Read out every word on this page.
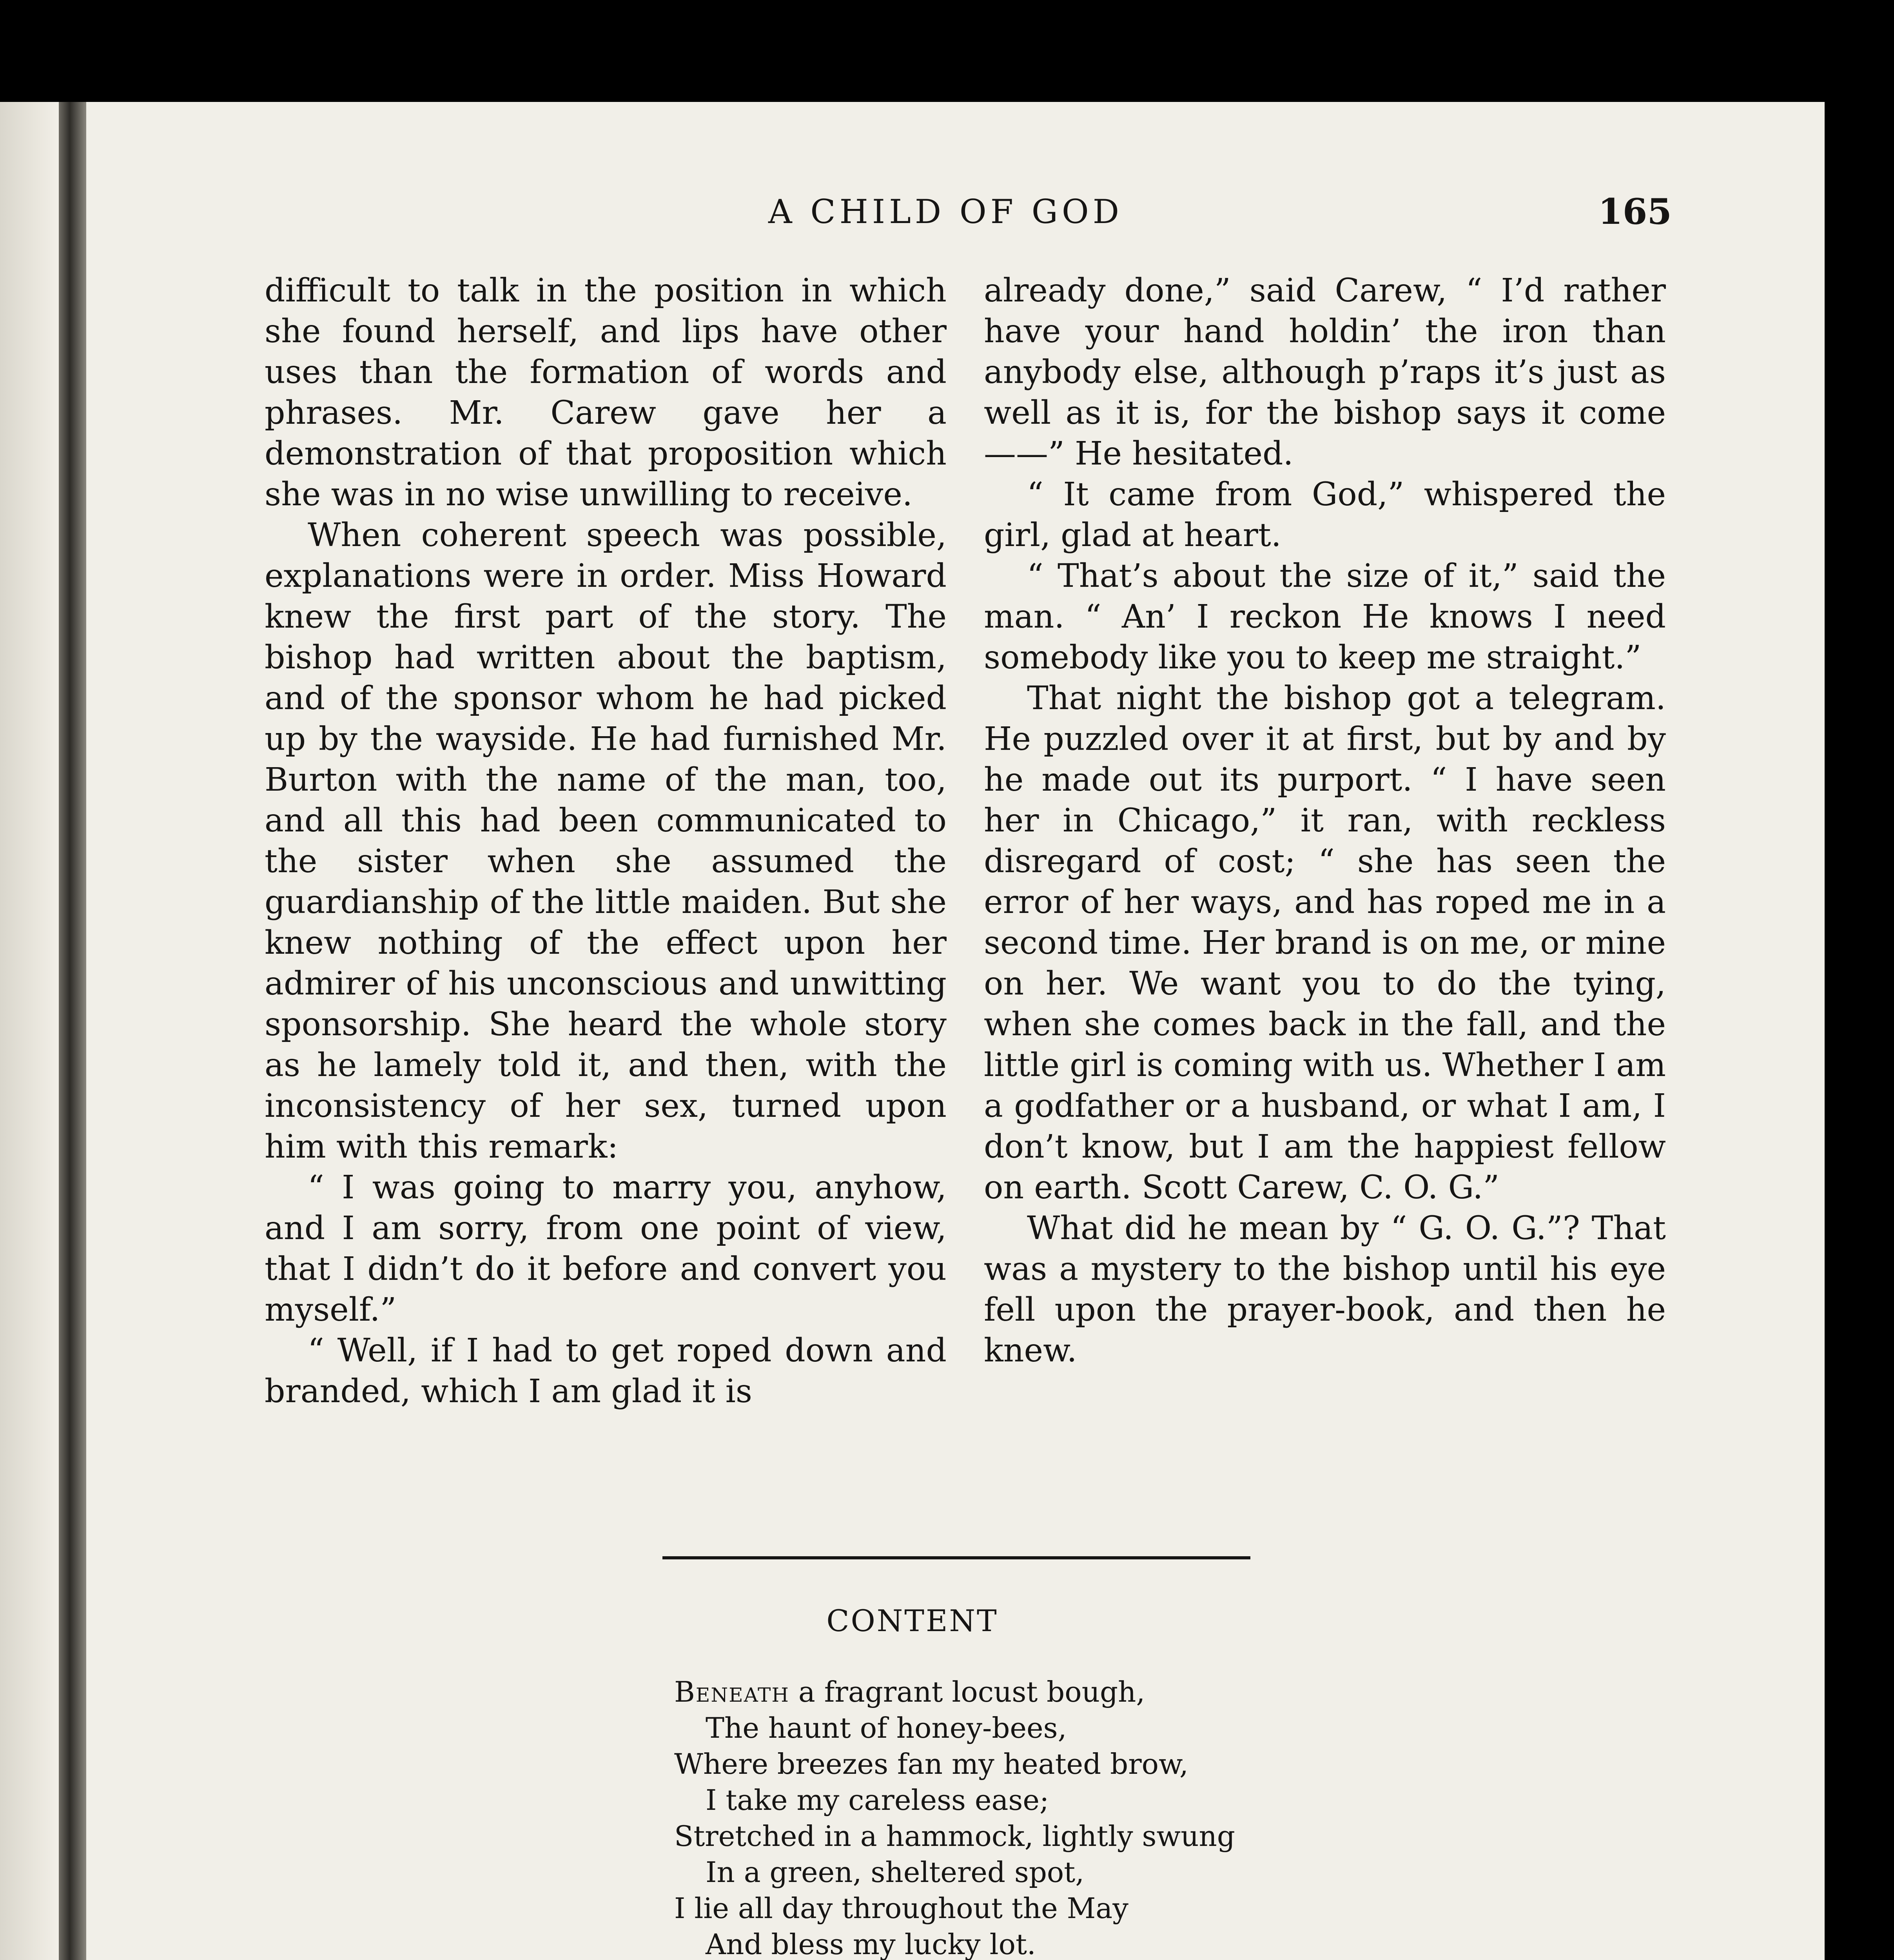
A CHILD OF GOD	165

difficult to talk in the position in which she found herself, and lips have other uses than the formation of words and phrases. Mr. Carew gave her a demonstration of that proposition which she was in no wise unwilling to receive.

When coherent speech was possible, explanations were in order. Miss Howard knew the first part of the story. The bishop had written about the baptism, and of the sponsor whom he had picked up by the wayside. He had furnished Mr. Burton with the name of the man, too, and all this had been communicated to the sister when she assumed the guardianship of the little maiden. But she knew nothing of the effect upon her admirer of his unconscious and unwitting sponsorship. She heard the whole story as he lamely told it, and then, with the inconsistency of her sex, turned upon him with this remark:

“ I was going to marry you, anyhow, and I am sorry, from one point of view, that I didn’t do it before and convert you myself.”

“ Well, if I had to get roped down and branded, which I am glad it is

already done,” said Carew, “ I’d rather have your hand holdin’ the iron than anybody else, although p’raps it’s just as well as it is, for the bishop says it come——” He hesitated.

“ It came from God,” whispered the girl, glad at heart.

“ That’s about the size of it,” said the man. “ An’ I reckon He knows I need somebody like you to keep me straight.”

That night the bishop got a telegram. He puzzled over it at first, but by and by he made out its purport. “ I have seen her in Chicago,” it ran, with reckless disregard of cost; “ she has seen the error of her ways, and has roped me in a second time. Her brand is on me, or mine on her. We want you to do the tying, when she comes back in the fall, and the little girl is coming with us. Whether I am a godfather or a husband, or what I am, I don’t know, but I am the happiest fellow on earth. Scott Carew, C. O. G.”

What did he mean by “ G. O. G.”? That was a mystery to the bishop until his eye fell upon the prayer-book, and then he knew.

CONTENT
Beneath a fragrant locust bough,
The haunt of honey-bees,
Where breezes fan my heated brow,
I take my careless ease;
Stretched in a hammock, lightly swung
In a green, sheltered spot,
I lie all day throughout the May
And bless my lucky lot.
